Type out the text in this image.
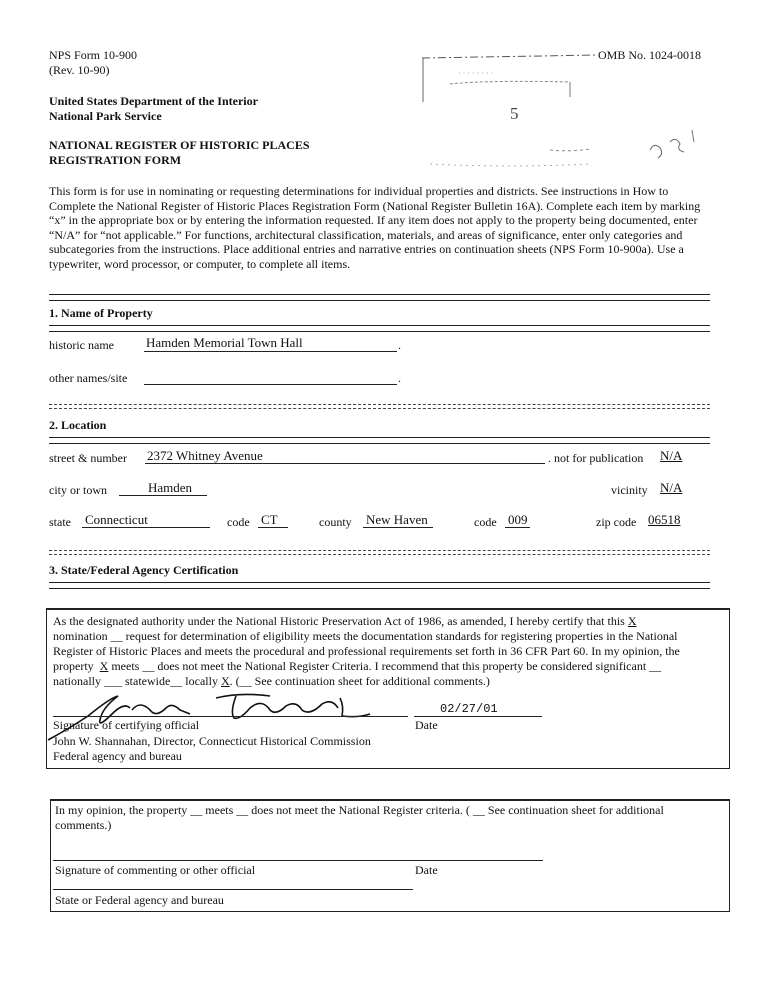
NPS Form 10-900
(Rev. 10-90)
United States Department of the Interior
National Park Service
NATIONAL REGISTER OF HISTORIC PLACES
REGISTRATION FORM
OMB No. 1024-0018
· · · · · · · ·
5

This form is for use in nominating or requesting determinations for individual properties and districts. See instructions in How to Complete the National Register of Historic Places Registration Form (National Register Bulletin 16A). Complete each item by marking “x” in the appropriate box or by entering the information requested. If any item does not apply to the property being documented, enter “N/A” for “not applicable.” For functions, architectural classification, materials, and areas of significance, enter only categories and subcategories from the instructions. Place additional entries and narrative entries on continuation sheets (NPS Form 10-900a). Use a typewriter, word processor, or computer, to complete all items.

1. Name of Property
historic name Hamden Memorial Town Hall	.
other names/site	.
2. Location
street & number 2372 Whitney Avenue	. not for publication N/A
city or town	Hamden	vicinity N/A
state Connecticut	code CT	county New Haven	code 009	zip code 06518
3. State/Federal Agency Certification
As the designated authority under the National Historic Preservation Act of 1986, as amended, I hereby certify that this X
nomination __ request for determination of eligibility meets the documentation standards for registering properties in the National
Register of Historic Places and meets the procedural and professional requirements set forth in 36 CFR Part 60. In my opinion, the
property X meets __ does not meet the National Register Criteria. I recommend that this property be considered significant __
nationally ___ statewide__ locally X. (__ See continuation sheet for additional comments.)
02/27/01
Signature of certifying official	Date
John W. Shannahan, Director, Connecticut Historical Commission
Federal agency and bureau
In my opinion, the property __ meets __ does not meet the National Register criteria. ( __ See continuation sheet for additional
comments.)
Signature of commenting or other official	Date
State or Federal agency and bureau
